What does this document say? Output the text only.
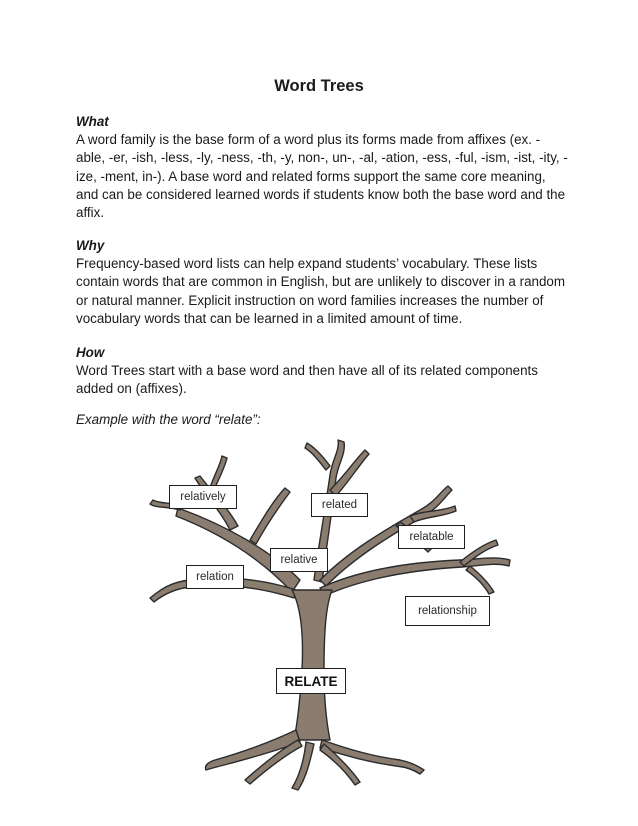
Word Trees

What

A word family is the base form of a word plus its forms made from affixes (ex. -able, -er, -ish, -less, -ly, -ness, -th, -y, non-, un-, -al, -ation, -ess, -ful, -ism, -ist, -ity, -ize, -ment, in-). A base word and related forms support the same core meaning, and can be considered learned words if students know both the base word and the affix.

Why

Frequency-based word lists can help expand students’ vocabulary. These lists contain words that are common in English, but are unlikely to discover in a random or natural manner. Explicit instruction on word families increases the number of vocabulary words that can be learned in a limited amount of time.

How

Word Trees start with a base word and then have all of its related components added on (affixes).

Example with the word “relate”:
relatively
related
relatable
relative
relation
relationship
RELATE
